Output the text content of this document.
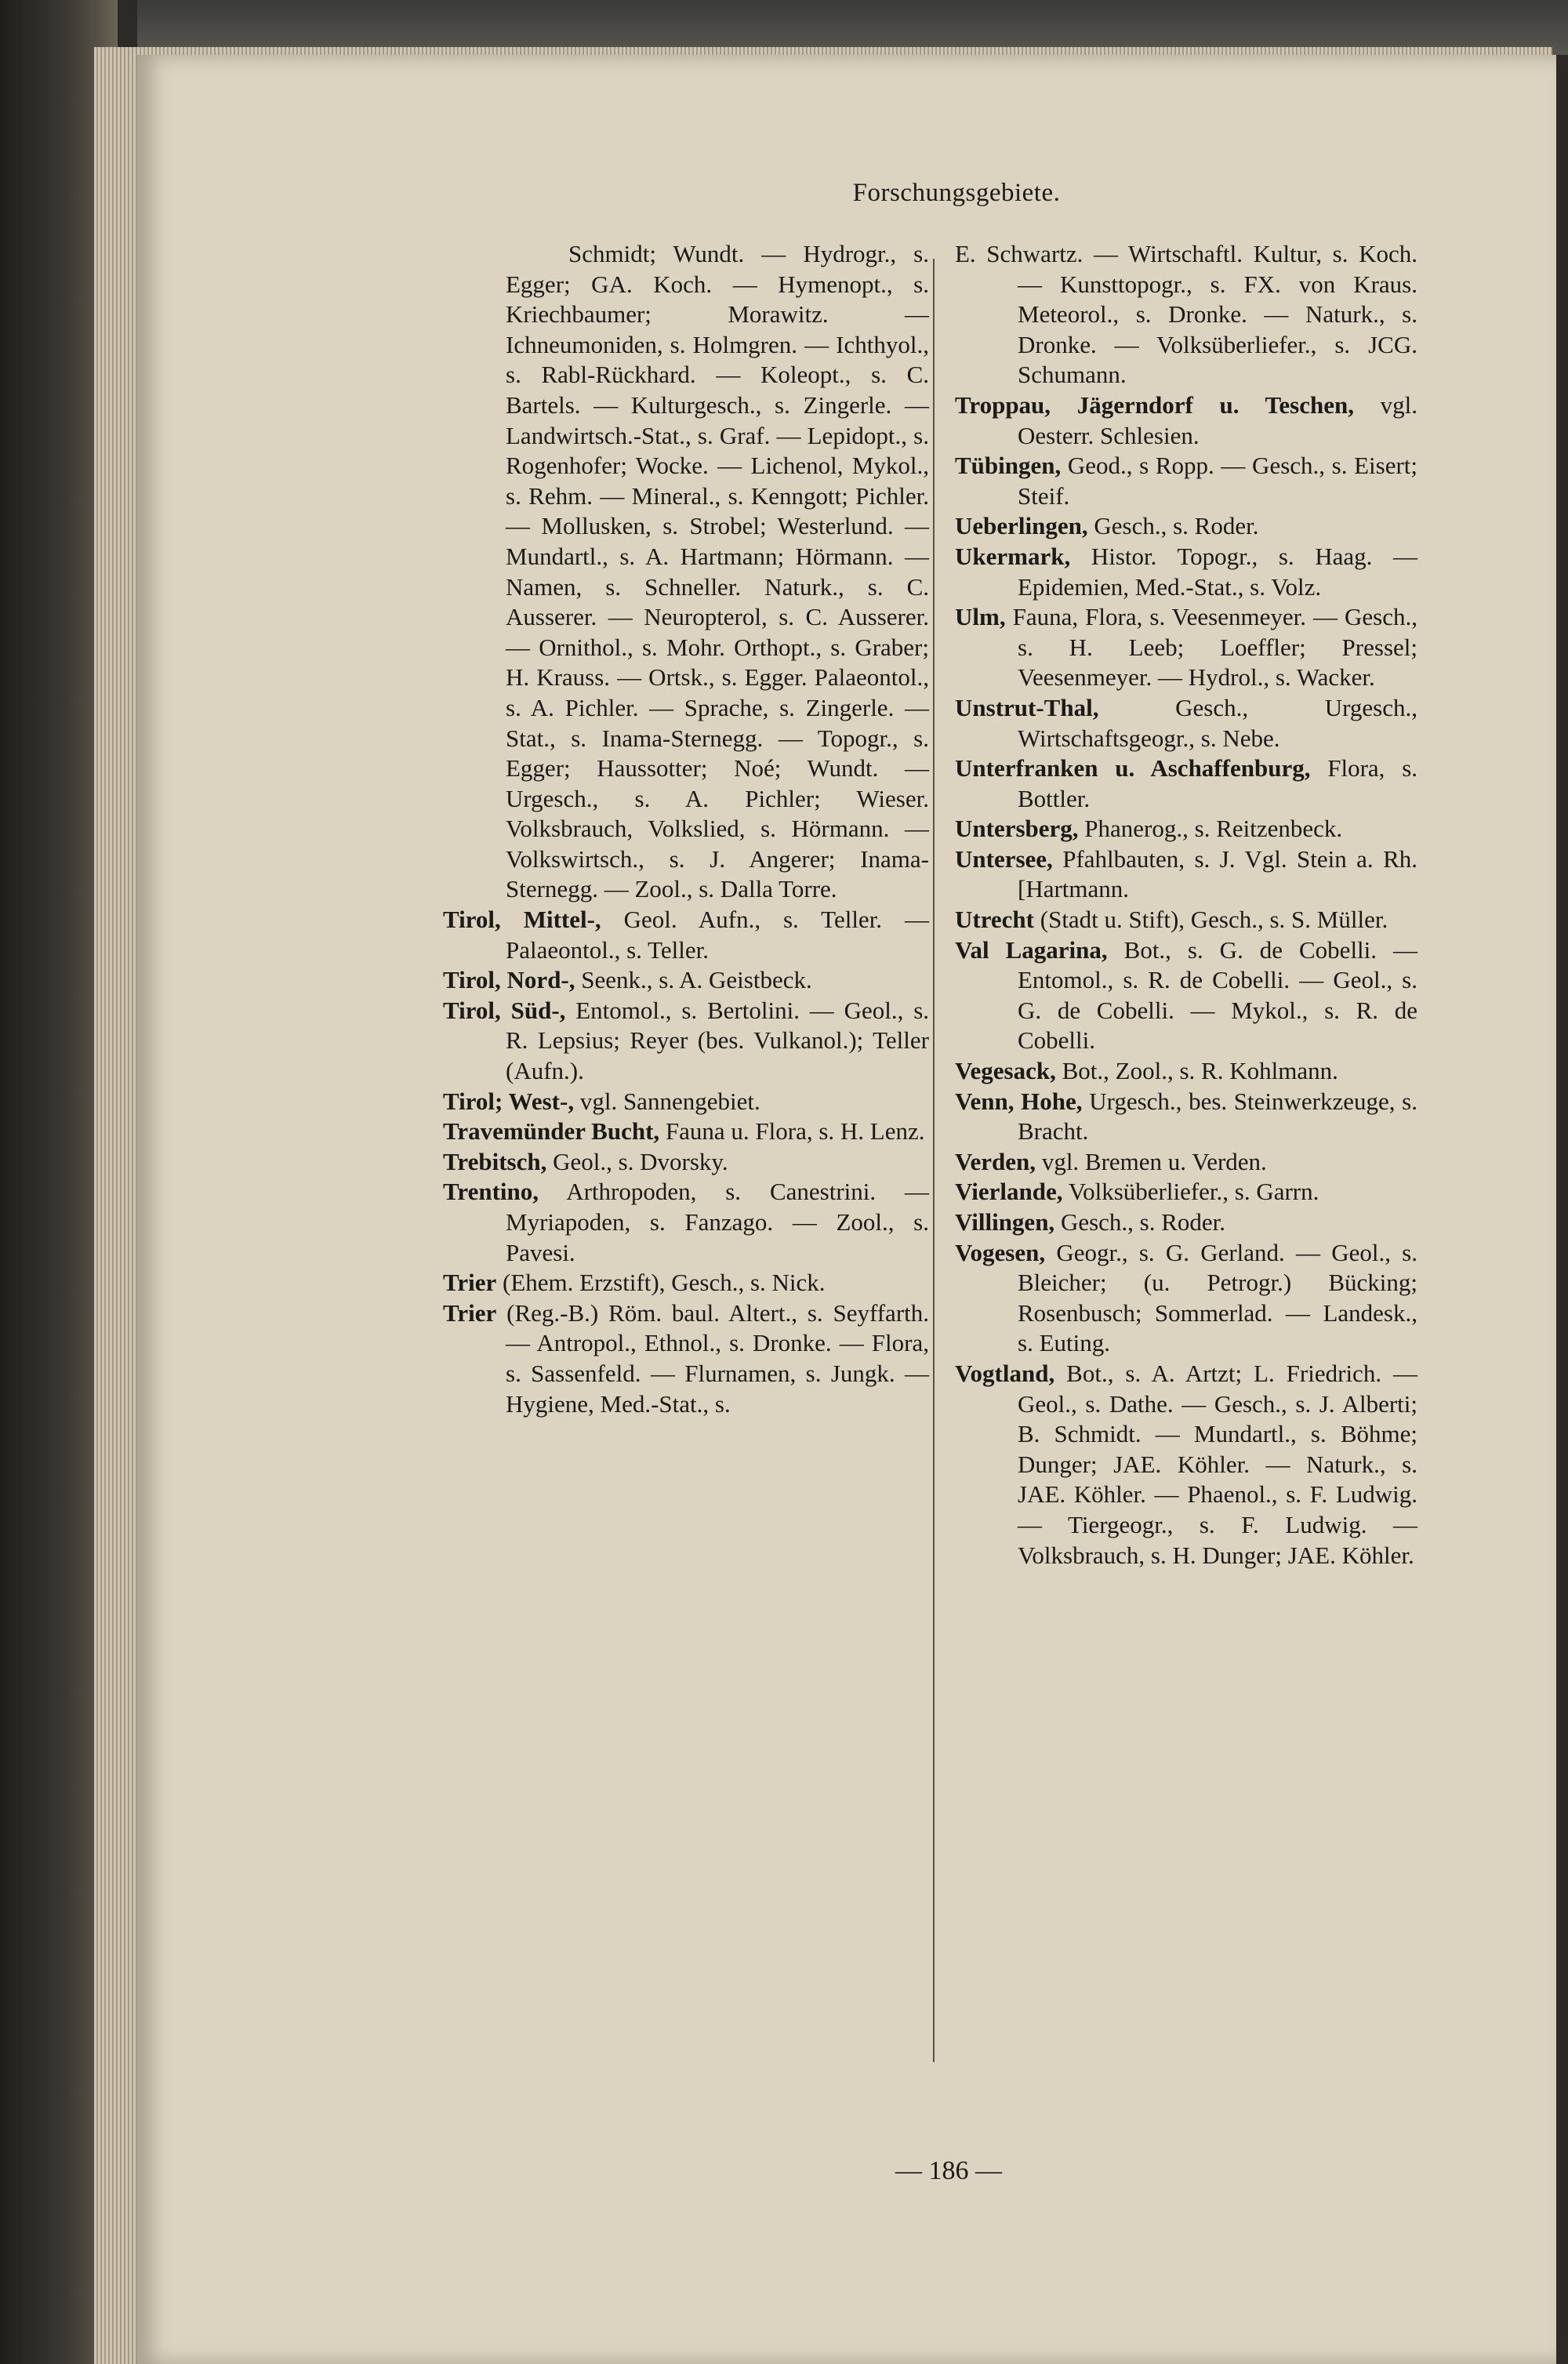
Forschungsgebiete.

Schmidt; Wundt. — Hydrogr., s. Egger; GA. Koch. — Hymenopt., s. Kriechbaumer; Morawitz. — Ichneumoniden, s. Holmgren. — Ichthyol., s. Rabl-Rückhard. — Koleopt., s. C. Bartels. — Kulturgesch., s. Zingerle. — Landwirtsch.-Stat., s. Graf. — Lepidopt., s. Rogenhofer; Wocke. — Lichenol, Mykol., s. Rehm. — Mineral., s. Kenngott; Pichler. — Mollusken, s. Strobel; Westerlund. — Mundartl., s. A. Hartmann; Hörmann. — Namen, s. Schneller. Naturk., s. C. Ausserer. — Neuropterol, s. C. Ausserer. — Ornithol., s. Mohr. Orthopt., s. Graber; H. Krauss. — Ortsk., s. Egger. Palaeontol., s. A. Pichler. — Sprache, s. Zingerle. — Stat., s. Inama-Sternegg. — Topogr., s. Egger; Haussotter; Noé; Wundt. — Urgesch., s. A. Pichler; Wieser. Volksbrauch, Volkslied, s. Hörmann. — Volkswirtsch., s. J. Angerer; Inama-Sternegg. — Zool., s. Dalla Torre.

Tirol, Mittel-, Geol. Aufn., s. Teller. — Palaeontol., s. Teller.

Tirol, Nord-, Seenk., s. A. Geistbeck.

Tirol, Süd-, Entomol., s. Bertolini. — Geol., s. R. Lepsius; Reyer (bes. Vulkanol.); Teller (Aufn.).

Tirol; West-, vgl. Sannengebiet.

Travemünder Bucht, Fauna u. Flora, s. H. Lenz.

Trebitsch, Geol., s. Dvorsky.

Trentino, Arthropoden, s. Canestrini. — Myriapoden, s. Fanzago. — Zool., s. Pavesi.

Trier (Ehem. Erzstift), Gesch., s. Nick.

Trier (Reg.-B.) Röm. baul. Altert., s. Seyffarth. — Antropol., Ethnol., s. Dronke. — Flora, s. Sassenfeld. — Flurnamen, s. Jungk. — Hygiene, Med.-Stat., s.

E. Schwartz. — Wirtschaftl. Kultur, s. Koch. — Kunsttopogr., s. FX. von Kraus. Meteorol., s. Dronke. — Naturk., s. Dronke. — Volksüberliefer., s. JCG. Schumann.

Troppau, Jägerndorf u. Teschen, vgl. Oesterr. Schlesien.

Tübingen, Geod., s Ropp. — Gesch., s. Eisert; Steif.

Ueberlingen, Gesch., s. Roder.

Ukermark, Histor. Topogr., s. Haag. — Epidemien, Med.-Stat., s. Volz.

Ulm, Fauna, Flora, s. Veesenmeyer. — Gesch., s. H. Leeb; Loeffler; Pressel; Veesenmeyer. — Hydrol., s. Wacker.

Unstrut-Thal,	Gesch., Urgesch., Wirtschaftsgeogr., s. Nebe.

Unterfranken u. Aschaffenburg, Flora, s. Bottler.

Untersberg, Phanerog., s. Reitzenbeck.

Untersee, Pfahlbauten, s. J. Vgl. Stein a. Rh. [Hartmann.

Utrecht (Stadt u. Stift), Gesch., s. S. Müller.

Val Lagarina, Bot., s. G. de Cobelli. — Entomol., s. R. de Cobelli. — Geol., s. G. de Cobelli. — Mykol., s. R. de Cobelli.

Vegesack, Bot., Zool., s. R. Kohlmann.

Venn, Hohe, Urgesch., bes. Steinwerkzeuge, s. Bracht.

Verden, vgl. Bremen u. Verden.

Vierlande, Volksüberliefer., s. Garrn.

Villingen, Gesch., s. Roder.

Vogesen, Geogr., s. G. Gerland. — Geol., s. Bleicher; (u. Petrogr.) Bücking; Rosenbusch; Sommerlad. — Landesk., s. Euting.

Vogtland, Bot., s. A. Artzt; L. Friedrich. — Geol., s. Dathe. — Gesch., s. J. Alberti; B. Schmidt. — Mundartl., s. Böhme; Dunger; JAE. Köhler. — Naturk., s. JAE. Köhler. — Phaenol., s. F. Ludwig. — Tiergeogr., s. F. Ludwig. — Volksbrauch, s. H. Dunger; JAE. Köhler.

— 186 —
